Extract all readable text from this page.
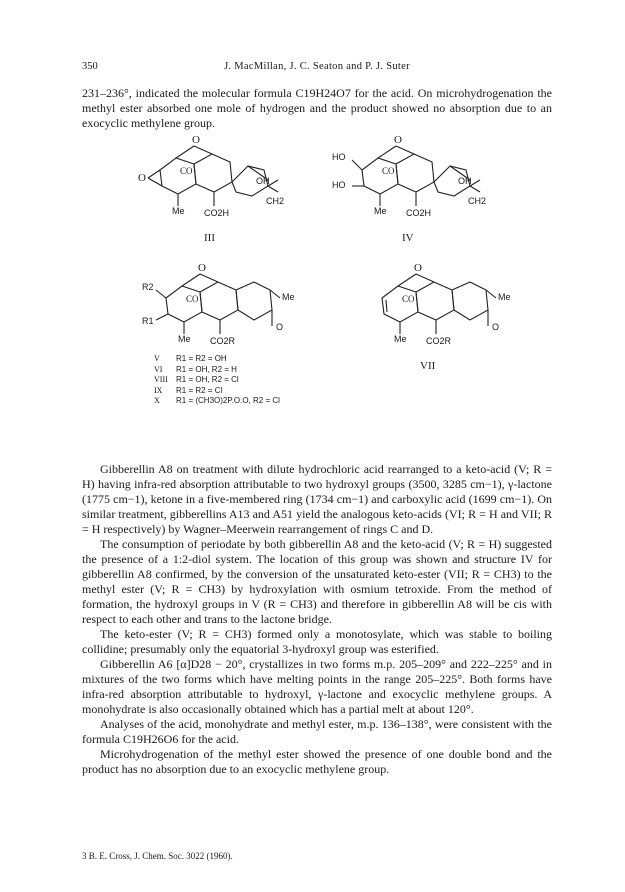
350	J. MacMillan, J. C. Seaton and P. J. Suter

231–236°, indicated the molecular formula C19H24O7 for the acid. On microhydrogenation the methyl ester absorbed one mole of hydrogen and the product showed no absorption due to an exocyclic methylene group.

O
CO
O	OH
CH2
Me CO2H
III
O
CO
HO
HO	OH
CH2
Me CO2H
IV
O
CO
R2
R1
Me
O
Me CO2R
O
CO	Me
O
Me CO2R
VII
V R1 = R2 = OH
VI R1 = OH, R2 = H
VIII R1 = OH, R2 = Cl
IX R1 = R2 = Cl
X R1 = (CH3O)2P.O.O, R2 = Cl

Gibberellin A8 on treatment with dilute hydrochloric acid rearranged to a keto-acid (V; R = H) having infra-red absorption attributable to two hydroxyl groups (3500, 3285 cm−1), γ-lactone (1775 cm−1), ketone in a five-membered ring (1734 cm−1) and carboxylic acid (1699 cm−1). On similar treatment, gibberellins A13 and A51 yield the analogous keto-acids (VI; R = H and VII; R = H respectively) by Wagner–Meerwein rearrangement of rings C and D.

The consumption of periodate by both gibberellin A8 and the keto-acid (V; R = H) suggested the presence of a 1:2-diol system. The location of this group was shown and structure IV for gibberellin A8 confirmed, by the conversion of the unsaturated keto-ester (VII; R = CH3) to the methyl ester (V; R = CH3) by hydroxylation with osmium tetroxide. From the method of formation, the hydroxyl groups in V (R = CH3) and therefore in gibberellin A8 will be cis with respect to each other and trans to the lactone bridge.

The keto-ester (V; R = CH3) formed only a monotosylate, which was stable to boiling collidine; presumably only the equatorial 3-hydroxyl group was esterified.

Gibberellin A6 [α]D28 − 20°, crystallizes in two forms m.p. 205–209° and 222–225° and in mixtures of the two forms which have melting points in the range 205–225°. Both forms have infra-red absorption attributable to hydroxyl, γ-lactone and exocyclic methylene groups. A monohydrate is also occasionally obtained which has a partial melt at about 120°.

Analyses of the acid, monohydrate and methyl ester, m.p. 136–138°, were consistent with the formula C19H26O6 for the acid.

Microhydrogenation of the methyl ester showed the presence of one double bond and the product has no absorption due to an exocyclic methylene group.

3 B. E. Cross, J. Chem. Soc. 3022 (1960).
